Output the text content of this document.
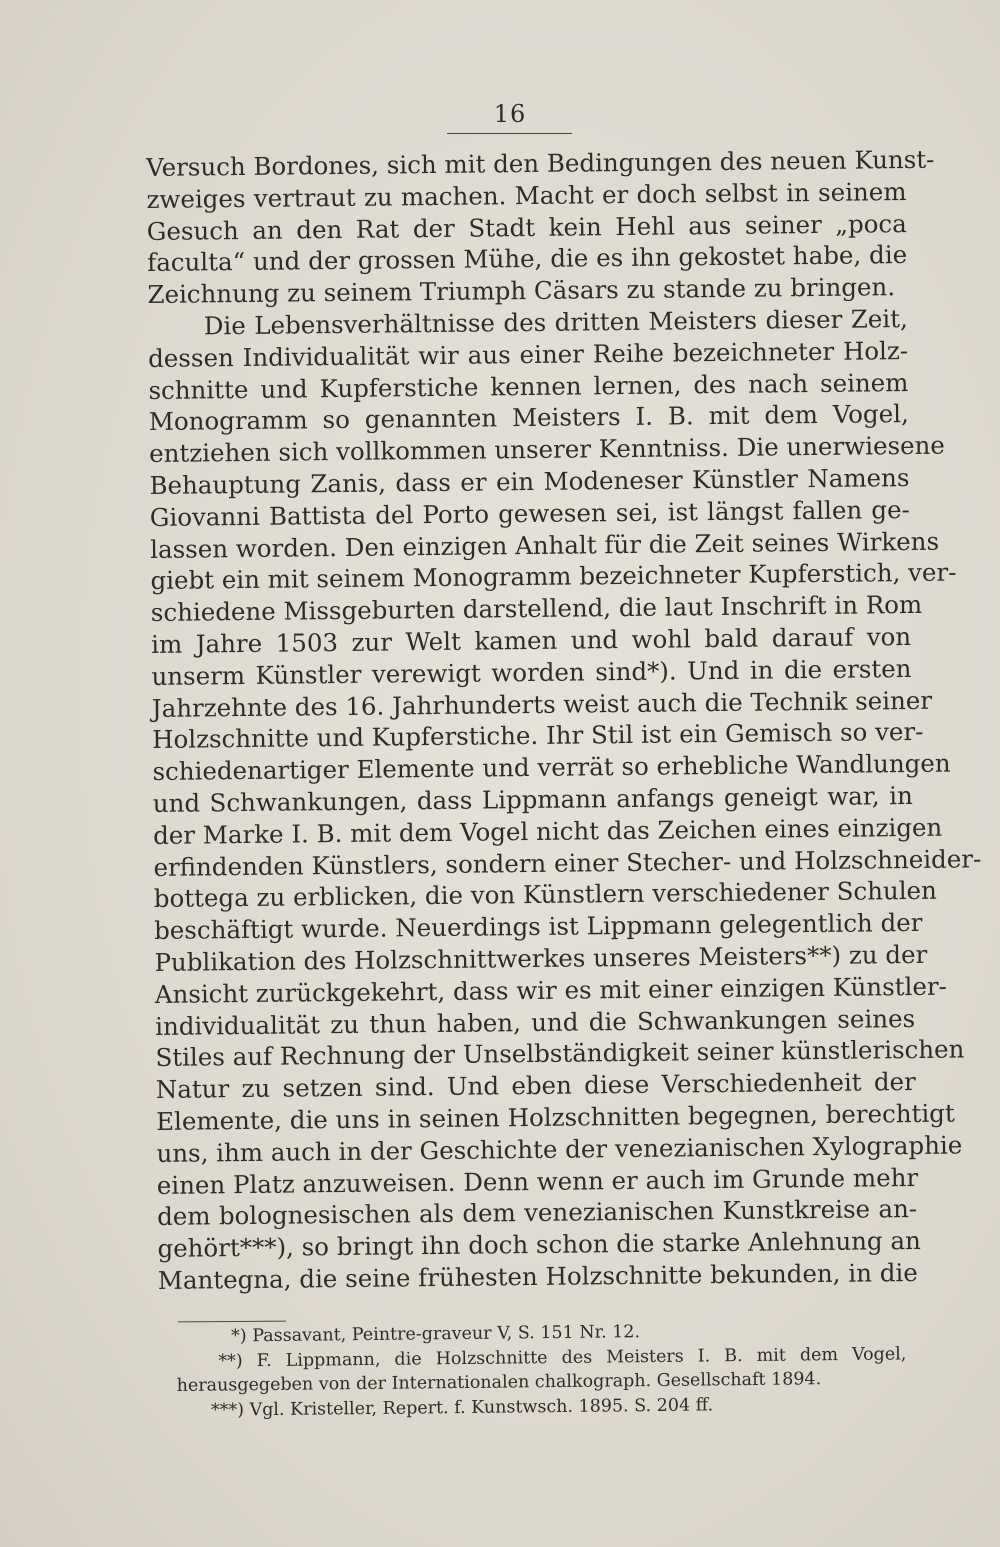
16
Versuch Bordones, sich mit den Bedingungen des neuen Kunst-
zweiges vertraut zu machen. Macht er doch selbst in seinem
Gesuch an den Rat der Stadt kein Hehl aus seiner „poca
faculta“ und der grossen Mühe, die es ihn gekostet habe, die
Zeichnung zu seinem Triumph Cäsars zu stande zu bringen.
Die Lebensverhältnisse des dritten Meisters dieser Zeit,
dessen Individualität wir aus einer Reihe bezeichneter Holz-
schnitte und Kupferstiche kennen lernen, des nach seinem
Monogramm so genannten Meisters I. B. mit dem Vogel,
entziehen sich vollkommen unserer Kenntniss. Die unerwiesene
Behauptung Zanis, dass er ein Modeneser Künstler Namens
Giovanni Battista del Porto gewesen sei, ist längst fallen ge-
lassen worden. Den einzigen Anhalt für die Zeit seines Wirkens
giebt ein mit seinem Monogramm bezeichneter Kupferstich, ver-
schiedene Missgeburten darstellend, die laut Inschrift in Rom
im Jahre 1503 zur Welt kamen und wohl bald darauf von
unserm Künstler verewigt worden sind*). Und in die ersten
Jahrzehnte des 16. Jahrhunderts weist auch die Technik seiner
Holzschnitte und Kupferstiche. Ihr Stil ist ein Gemisch so ver-
schiedenartiger Elemente und verrät so erhebliche Wandlungen
und Schwankungen, dass Lippmann anfangs geneigt war, in
der Marke I. B. mit dem Vogel nicht das Zeichen eines einzigen
erfindenden Künstlers, sondern einer Stecher- und Holzschneider-
bottega zu erblicken, die von Künstlern verschiedener Schulen
beschäftigt wurde. Neuerdings ist Lippmann gelegentlich der
Publikation des Holzschnittwerkes unseres Meisters**) zu der
Ansicht zurückgekehrt, dass wir es mit einer einzigen Künstler-
individualität zu thun haben, und die Schwankungen seines
Stiles auf Rechnung der Unselbständigkeit seiner künstlerischen
Natur zu setzen sind. Und eben diese Verschiedenheit der
Elemente, die uns in seinen Holzschnitten begegnen, berechtigt
uns, ihm auch in der Geschichte der venezianischen Xylographie
einen Platz anzuweisen. Denn wenn er auch im Grunde mehr
dem bolognesischen als dem venezianischen Kunstkreise an-
gehört***), so bringt ihn doch schon die starke Anlehnung an
Mantegna, die seine frühesten Holzschnitte bekunden, in die
*) Passavant, Peintre-graveur V, S. 151 Nr. 12.
**) F. Lippmann, die Holzschnitte des Meisters I. B. mit dem Vogel,
herausgegeben von der Internationalen chalkograph. Gesellschaft 1894.
***) Vgl. Kristeller, Repert. f. Kunstwsch. 1895. S. 204 ff.
